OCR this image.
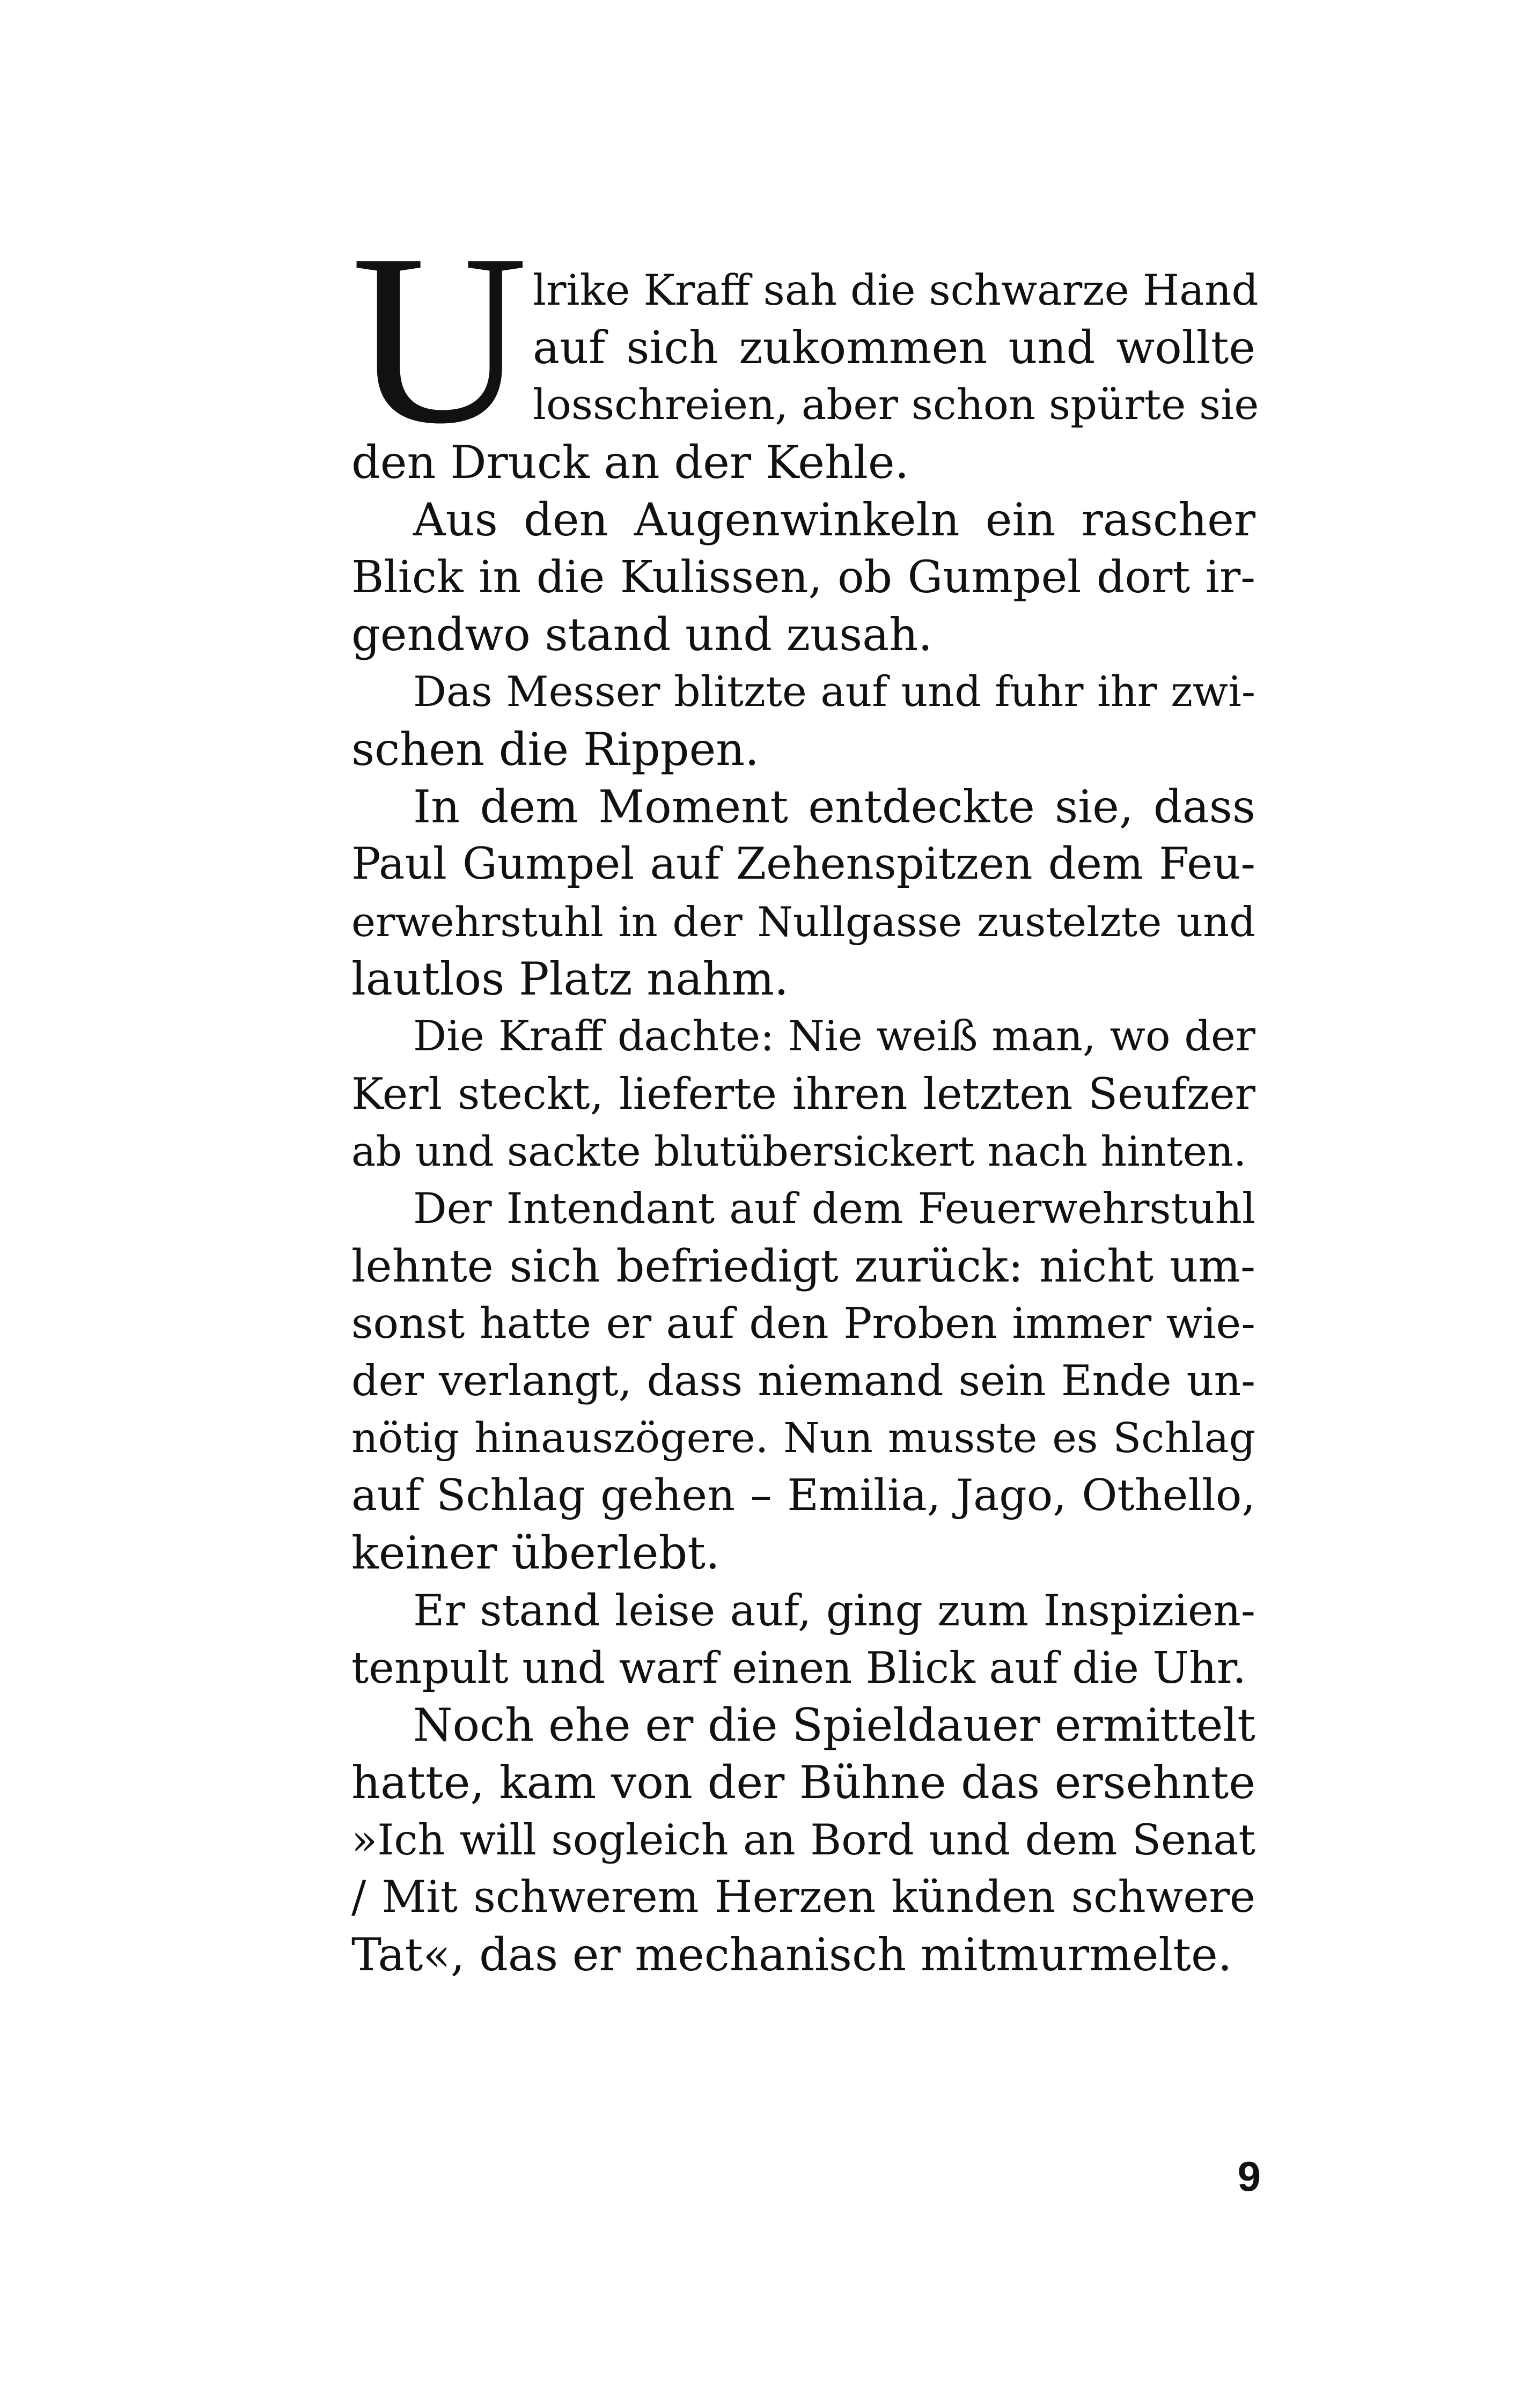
U lrike Kraff sah die schwarze Hand
auf sich zukommen und wollte
losschreien, aber schon spürte sie
den Druck an der Kehle.
Aus den Augenwinkeln ein rascher
Blick in die Kulissen, ob Gumpel dort ir-
gendwo stand und zusah.
Das Messer blitzte auf und fuhr ihr zwi-
schen die Rippen.
In dem Moment entdeckte sie, dass
Paul Gumpel auf Zehenspitzen dem Feu-
erwehrstuhl in der Nullgasse zustelzte und
lautlos Platz nahm.
Die Kraff dachte: Nie weiß man, wo der
Kerl steckt, lieferte ihren letzten Seufzer
ab und sackte blutübersickert nach hinten.
Der Intendant auf dem Feuerwehrstuhl
lehnte sich befriedigt zurück: nicht um-
sonst hatte er auf den Proben immer wie-
der verlangt, dass niemand sein Ende un-
nötig hinauszögere. Nun musste es Schlag
auf Schlag gehen – Emilia, Jago, Othello,
keiner überlebt.
Er stand leise auf, ging zum Inspizien-
tenpult und warf einen Blick auf die Uhr.
Noch ehe er die Spieldauer ermittelt
hatte, kam von der Bühne das ersehnte
»Ich will sogleich an Bord und dem Senat
/ Mit schwerem Herzen künden schwere
Tat«, das er mechanisch mitmurmelte.
9
